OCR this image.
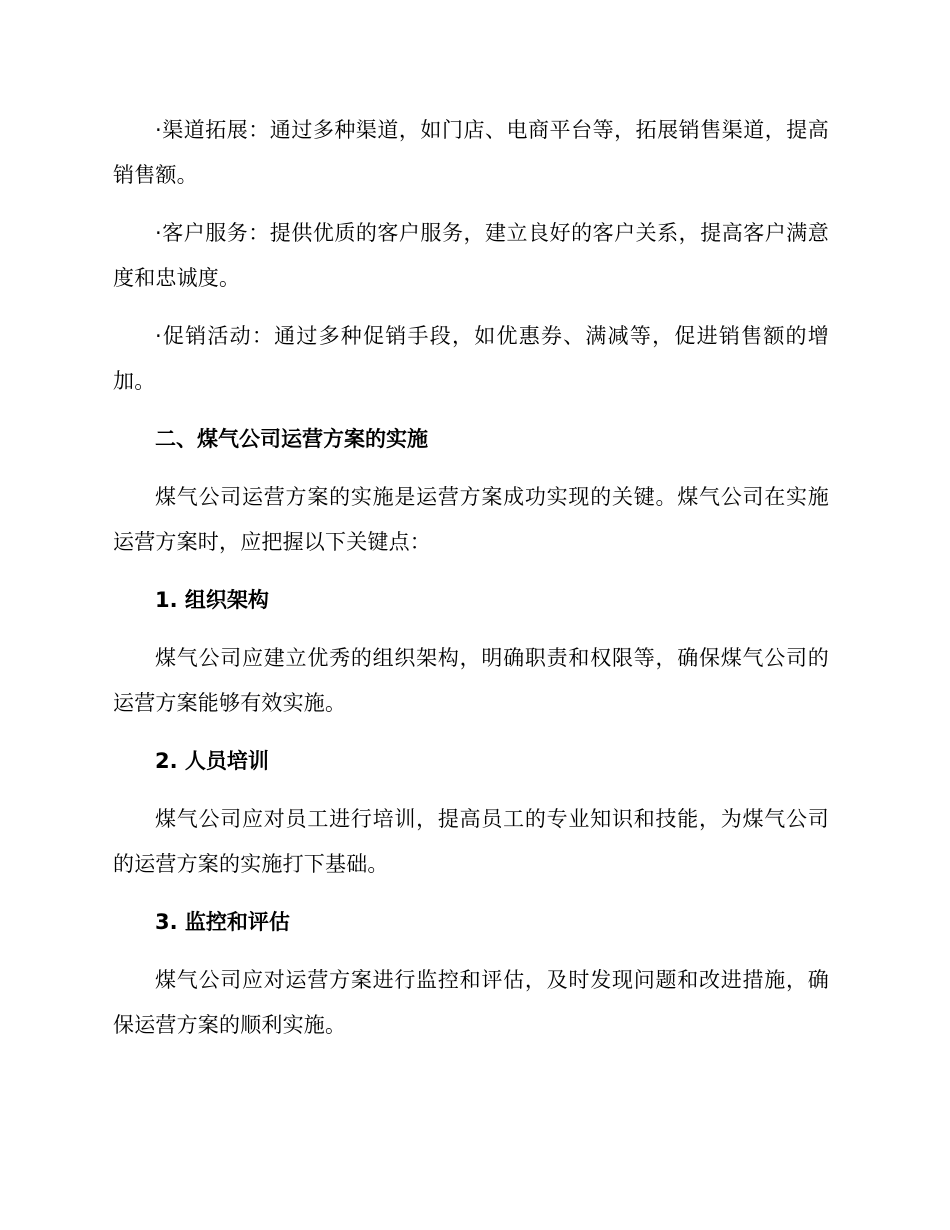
·渠道拓展：通过多种渠道，如门店、电商平台等，拓展销售渠道，提高销售额。

·客户服务：提供优质的客户服务，建立良好的客户关系，提高客户满意度和忠诚度。

·促销活动：通过多种促销手段，如优惠券、满减等，促进销售额的增加。

二、煤气公司运营方案的实施

煤气公司运营方案的实施是运营方案成功实现的关键。煤气公司在实施运营方案时，应把握以下关键点：

1. 组织架构

煤气公司应建立优秀的组织架构，明确职责和权限等，确保煤气公司的运营方案能够有效实施。

2. 人员培训

煤气公司应对员工进行培训，提高员工的专业知识和技能，为煤气公司的运营方案的实施打下基础。

3. 监控和评估

煤气公司应对运营方案进行监控和评估，及时发现问题和改进措施，确保运营方案的顺利实施。
